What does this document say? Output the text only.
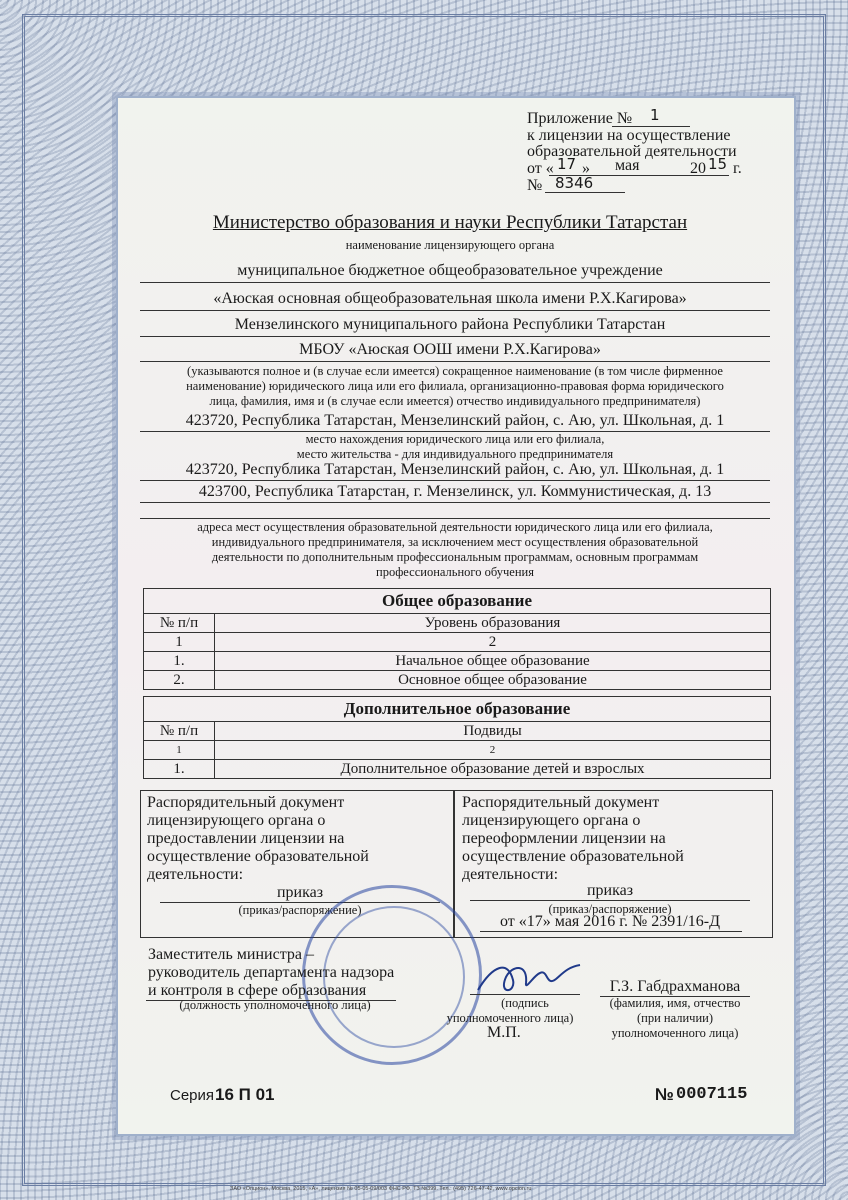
Приложение № 1
к лицензии на осуществление
образовательной деятельности
от « 17 » мая	20 15 г.
№ 8346
Министерство образования и науки Республики Татарстан
наименование лицензирующего органа
муниципальное бюджетное общеобразовательное учреждение
«Аюская основная общеобразовательная школа имени Р.Х.Кагирова»
Мензелинского муниципального района Республики Татарстан
МБОУ «Аюская ООШ имени Р.Х.Кагирова»
(указываются полное и (в случае если имеется) сокращенное наименование (в том числе фирменное
наименование) юридического лица или его филиала, организационно-правовая форма юридического
лица, фамилия, имя и (в случае если имеется) отчество индивидуального предпринимателя)
423720, Республика Татарстан, Мензелинский район, с. Аю, ул. Школьная, д. 1
место нахождения юридического лица или его филиала,
место жительства - для индивидуального предпринимателя
423720, Республика Татарстан, Мензелинский район, с. Аю, ул. Школьная, д. 1
423700, Республика Татарстан, г. Мензелинск, ул. Коммунистическая, д. 13
адреса мест осуществления образовательной деятельности юридического лица или его филиала,
индивидуального предпринимателя, за исключением мест осуществления образовательной
деятельности по дополнительным профессиональным программам, основным программам
профессионального обучения
Общее образование	
№ п/п	Уровень образования
1	2
1.	Начальное общее образование
2.	Основное общее образование
Дополнительное образование	
№ п/п	Подвиды
1	2
1.	Дополнительное образование детей и взрослых
Распорядительный документ
лицензирующего органа о
предоставлении лицензии на
осуществление образовательной
деятельности:
приказ
(приказ/распоряжение)
Распорядительный документ
лицензирующего органа о
переоформлении лицензии на
осуществление образовательной
деятельности:
приказ
(приказ/распоряжение)
от «17» мая 2016 г. № 2391/16-Д
Заместитель министра –
руководитель департамента надзора
и контроля в сфере образования
(должность уполномоченного лица)	(подпись
уполномоченного лица)
М.П.
Г.З. Габдрахманова
(фамилия, имя, отчество
(при наличии)
уполномоченного лица)
Серия 16 П 01	№ 0007115
ЗАО «Опцион», Москва, 2015, «А», лицензия № 05-05-09/003 ФНС РФ, ТЗ №399. Тел.: (495) 726-47-42, www.opcion.ru
